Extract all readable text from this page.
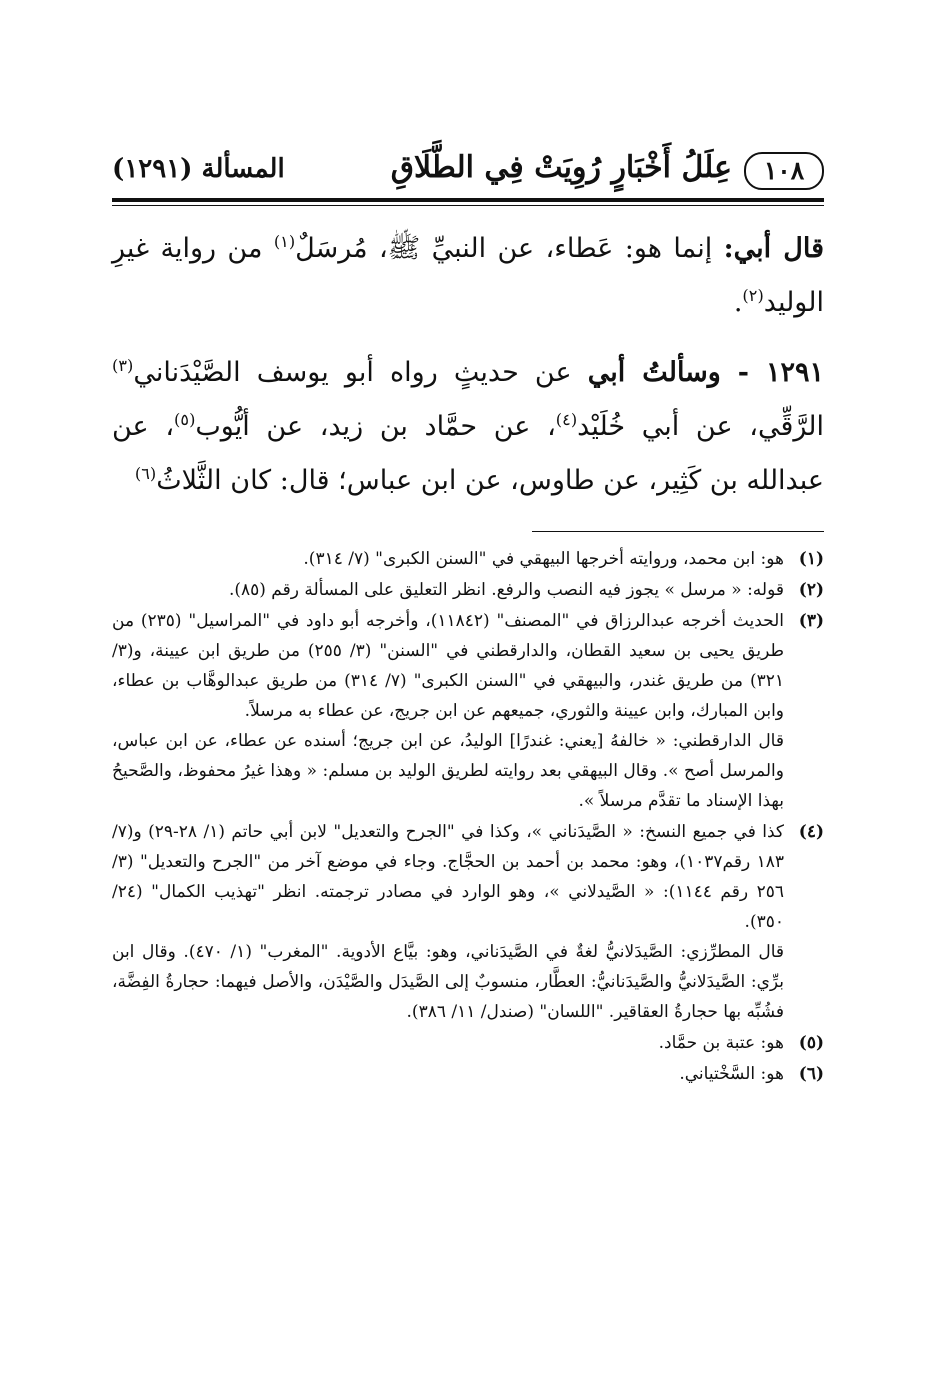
١٠٨
عِلَلُ أَخْبَارٍ رُوِيَتْ فِي الطَّلَاقِ
المسألة (١٢٩١)

قال أبي: إنما هو: عَطاء، عن النبيِّ ﷺ، مُرسَلٌ$^{(١)}$ من رواية غيرِ الوليد$^{(٢)}$.

١٢٩١ - وسألتُ أبي عن حديثٍ رواه أبو يوسف الصَّيْدَناني$^{(٣)}$ الرَّقِّي، عن أبي خُلَيْد$^{(٤)}$، عن حمَّاد بن زيد، عن أيُّوب$^{(٥)}$، عن عبدالله بن كَثِير، عن طاوس، عن ابن عباس؛ قال: كان الثَّلاثُ$^{(٦)}$

(١)
هو: ابن محمد، وروايته أخرجها البيهقي في "السنن الكبرى" (٧/ ٣١٤).
(٢)
قوله: « مرسل » يجوز فيه النصب والرفع. انظر التعليق على المسألة رقم (٨٥).
(٣)
الحديث أخرجه عبدالرزاق في "المصنف" (١١٨٤٢)، وأخرجه أبو داود في "المراسيل" (٢٣٥) من طريق يحيى بن سعيد القطان، والدارقطني في "السنن" (٣/ ٢٥٥) من طريق ابن عيينة، و(٣/ ٣٢١) من طريق غندر، والبيهقي في "السنن الكبرى" (٧/ ٣١٤) من طريق عبدالوهَّاب بن عطاء، وابن المبارك، وابن عيينة والثوري، جميعهم عن ابن جريج، عن عطاء به مرسلاً.
قال الدارقطني: « خالفهُ [يعني: غندرًا] الوليدُ، عن ابن جريج؛ أسنده عن عطاء، عن ابن عباس، والمرسل أصح ». وقال البيهقي بعد روايته لطريق الوليد بن مسلم: « وهذا غيرُ محفوظ، والصَّحيحُ بهذا الإسناد ما تقدَّم مرسلاً ».
(٤)
كذا في جميع النسخ: « الصَّيدَناني »، وكذا في "الجرح والتعديل" لابن أبي حاتم (١/ ٢٨-٢٩) و(٧/ ١٨٣ رقم١٠٣٧)، وهو: محمد بن أحمد بن الحجَّاج. وجاء في موضع آخر من "الجرح والتعديل" (٣/ ٢٥٦ رقم ١١٤٤): « الصَّيدلاني »، وهو الوارد في مصادر ترجمته. انظر "تهذيب الكمال" (٢٤/ ٣٥٠).
قال المطرِّزي: الصَّيدَلانيُّ لغةٌ في الصَّيدَناني، وهو: بيَّاع الأدوية. "المغرب" (١/ ٤٧٠). وقال ابن برِّي: الصَّيدَلانيُّ والصَّيدَنانيُّ: العطَّار، منسوبٌ إلى الصَّيدَل والصَّيْدَن، والأصل فيهما: حجارةُ الفِضَّة، فشُبِّه بها حجارةُ العقاقير. "اللسان" (صندل/ ١١/ ٣٨٦).
(٥)
هو: عتبة بن حمَّاد.
(٦)
هو: السَّخْتياني.
